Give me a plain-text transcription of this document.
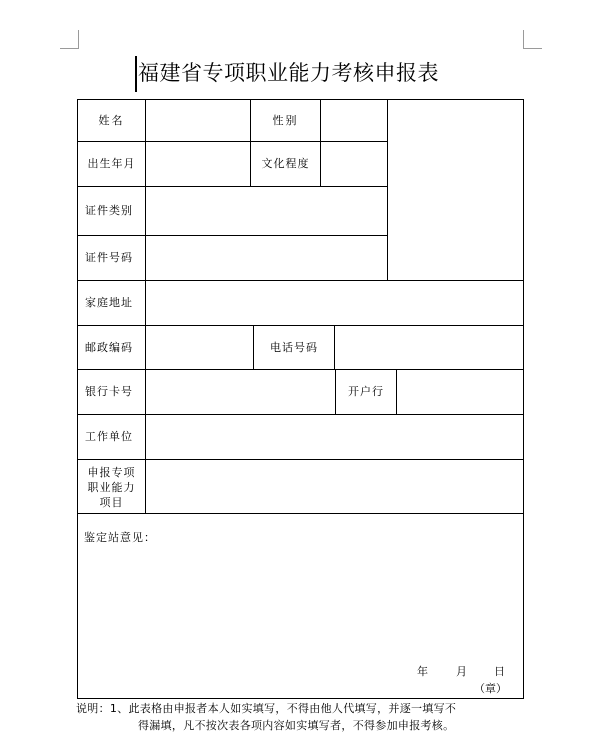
福建省专项职业能力考核申报表
姓名	性别
出生年月	文化程度
证件类别
证件号码
家庭地址
邮政编码	电话号码
银行卡号	开户行
工作单位
申报专项
职业能力
项目
鉴定站意见：
年	月 日
（章）
说明：1、此表格由申报者本人如实填写，不得由他人代填写，并逐一填写不
得漏填，凡不按次表各项内容如实填写者，不得参加申报考核。
